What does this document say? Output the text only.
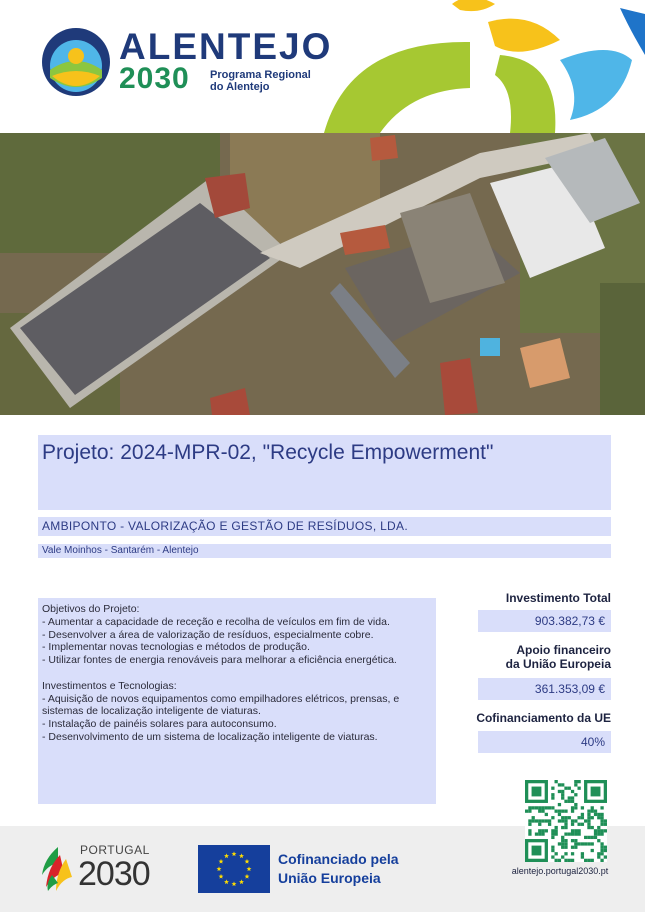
ALENTEJO
2030 Programa Regional
do Alentejo
Projeto: 2024-MPR-02, "Recycle Empowerment"
AMBIPONTO - VALORIZAÇÃO E GESTÃO DE RESÍDUOS, LDA.
Vale Moinhos - Santarém - Alentejo
Objetivos do Projeto:
- Aumentar a capacidade de receção e recolha de veículos em fim de vida.
- Desenvolver a área de valorização de resíduos, especialmente cobre.
- Implementar novas tecnologias e métodos de produção.
- Utilizar fontes de energia renováveis para melhorar a eficiência energética.
Investimentos e Tecnologias:
- Aquisição de novos equipamentos como empilhadores elétricos, prensas, e sistemas de localização inteligente de viaturas.
- Instalação de painéis solares para autoconsumo.
- Desenvolvimento de um sistema de localização inteligente de viaturas.
Investimento Total
903.382,73 €
Apoio financeiro
da União Europeia
361.353,09 €
Cofinanciamento da UE
40%
PORTUGAL
2030	Cofinanciado pela
União Europeia	alentejo.portugal2030.pt
